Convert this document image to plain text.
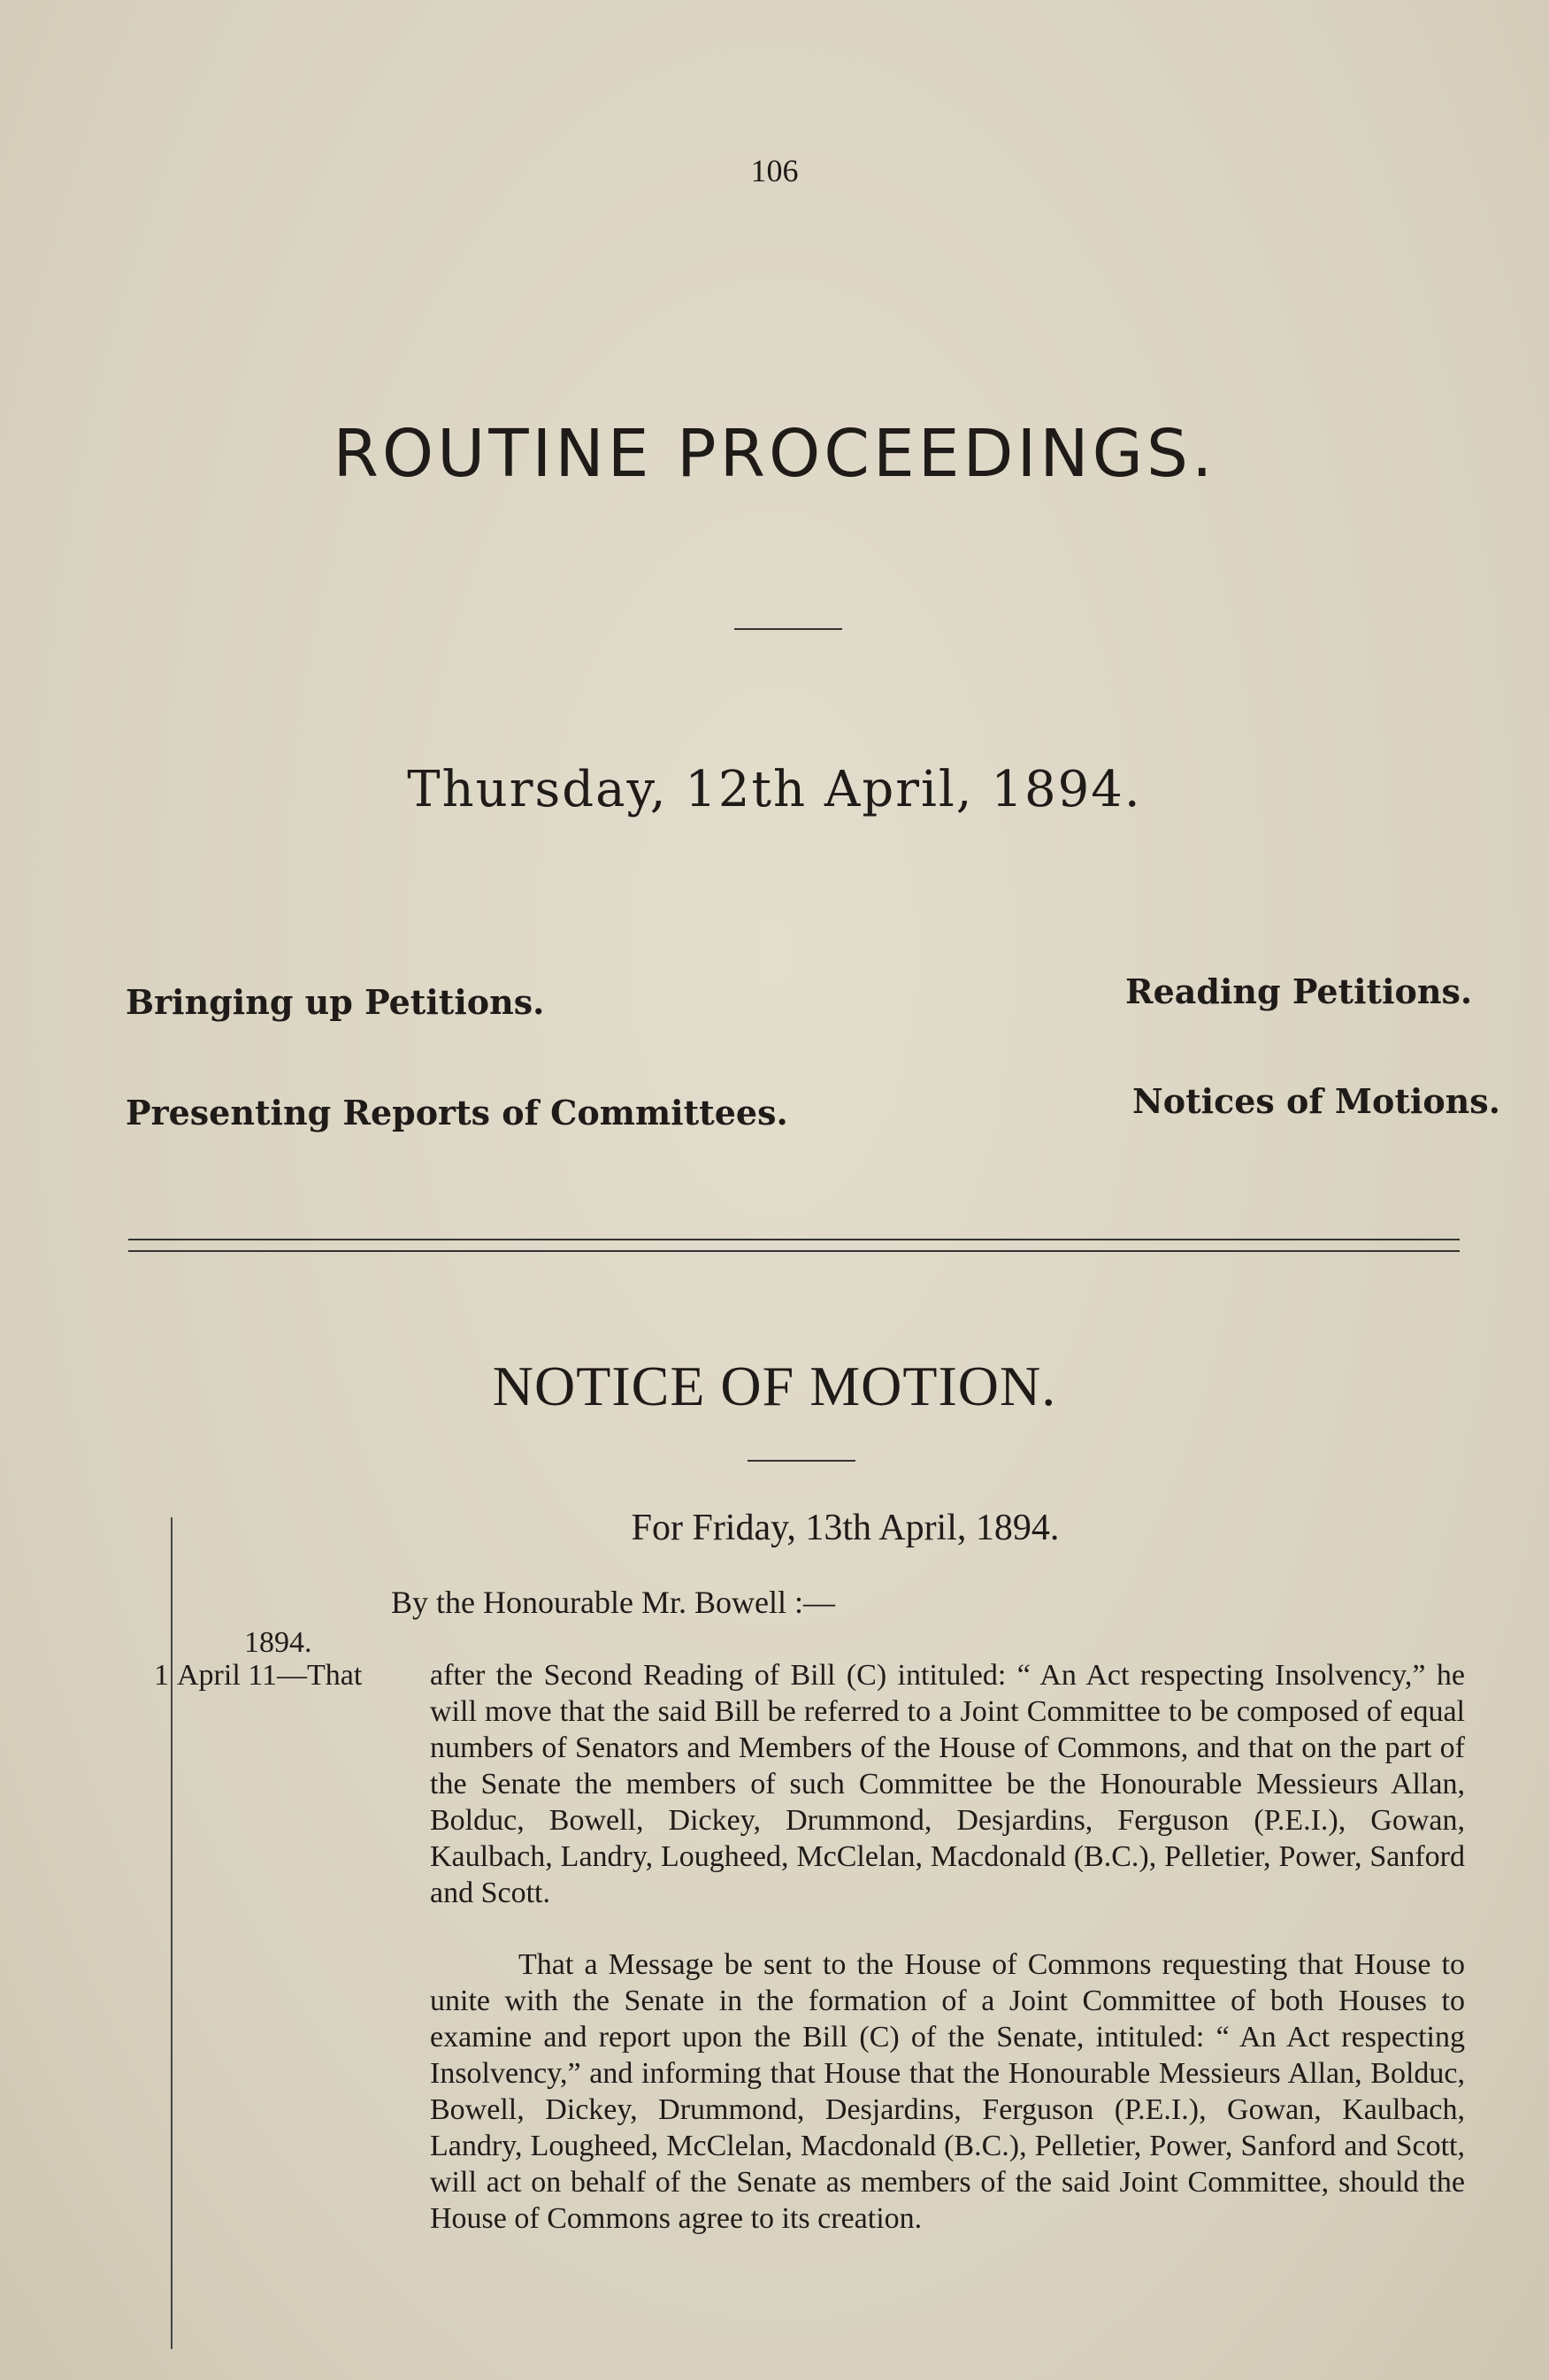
106
ROUTINE PROCEEDINGS.
Thursday, 12th April, 1894.
Bringing up Petitions.	Reading Petitions.
Presenting Reports of Committees.	Notices of Motions.
NOTICE OF MOTION.
For Friday, 13th April, 1894.
By the Honourable Mr. Bowell :—
1894.
1 April 11—That after the Second Reading of Bill (C) intituled: “ An Act respecting Insolvency,” he will move that the said Bill be referred to a Joint Committee to be composed of equal numbers of Senators and Members of the House of Commons, and that on the part of the Senate the members of such Committee be the Honourable Messieurs Allan, Bolduc, Bowell, Dickey, Drummond, Desjardins, Ferguson (P.E.I.), Gowan, Kaulbach, Landry, Lougheed, McClelan, Macdonald (B.C.), Pelletier, Power, Sanford and Scott.
That a Message be sent to the House of Commons requesting that House to unite with the Senate in the formation of a Joint Committee of both Houses to examine and report upon the Bill (C) of the Senate, intituled: “ An Act respecting Insolvency,” and informing that House that the Honourable Messieurs Allan, Bolduc, Bowell, Dickey, Drummond, Desjardins, Ferguson (P.E.I.), Gowan, Kaulbach, Landry, Lougheed, McClelan, Macdonald (B.C.), Pelletier, Power, Sanford and Scott, will act on behalf of the Senate as members of the said Joint Committee, should the House of Commons agree to its creation.
